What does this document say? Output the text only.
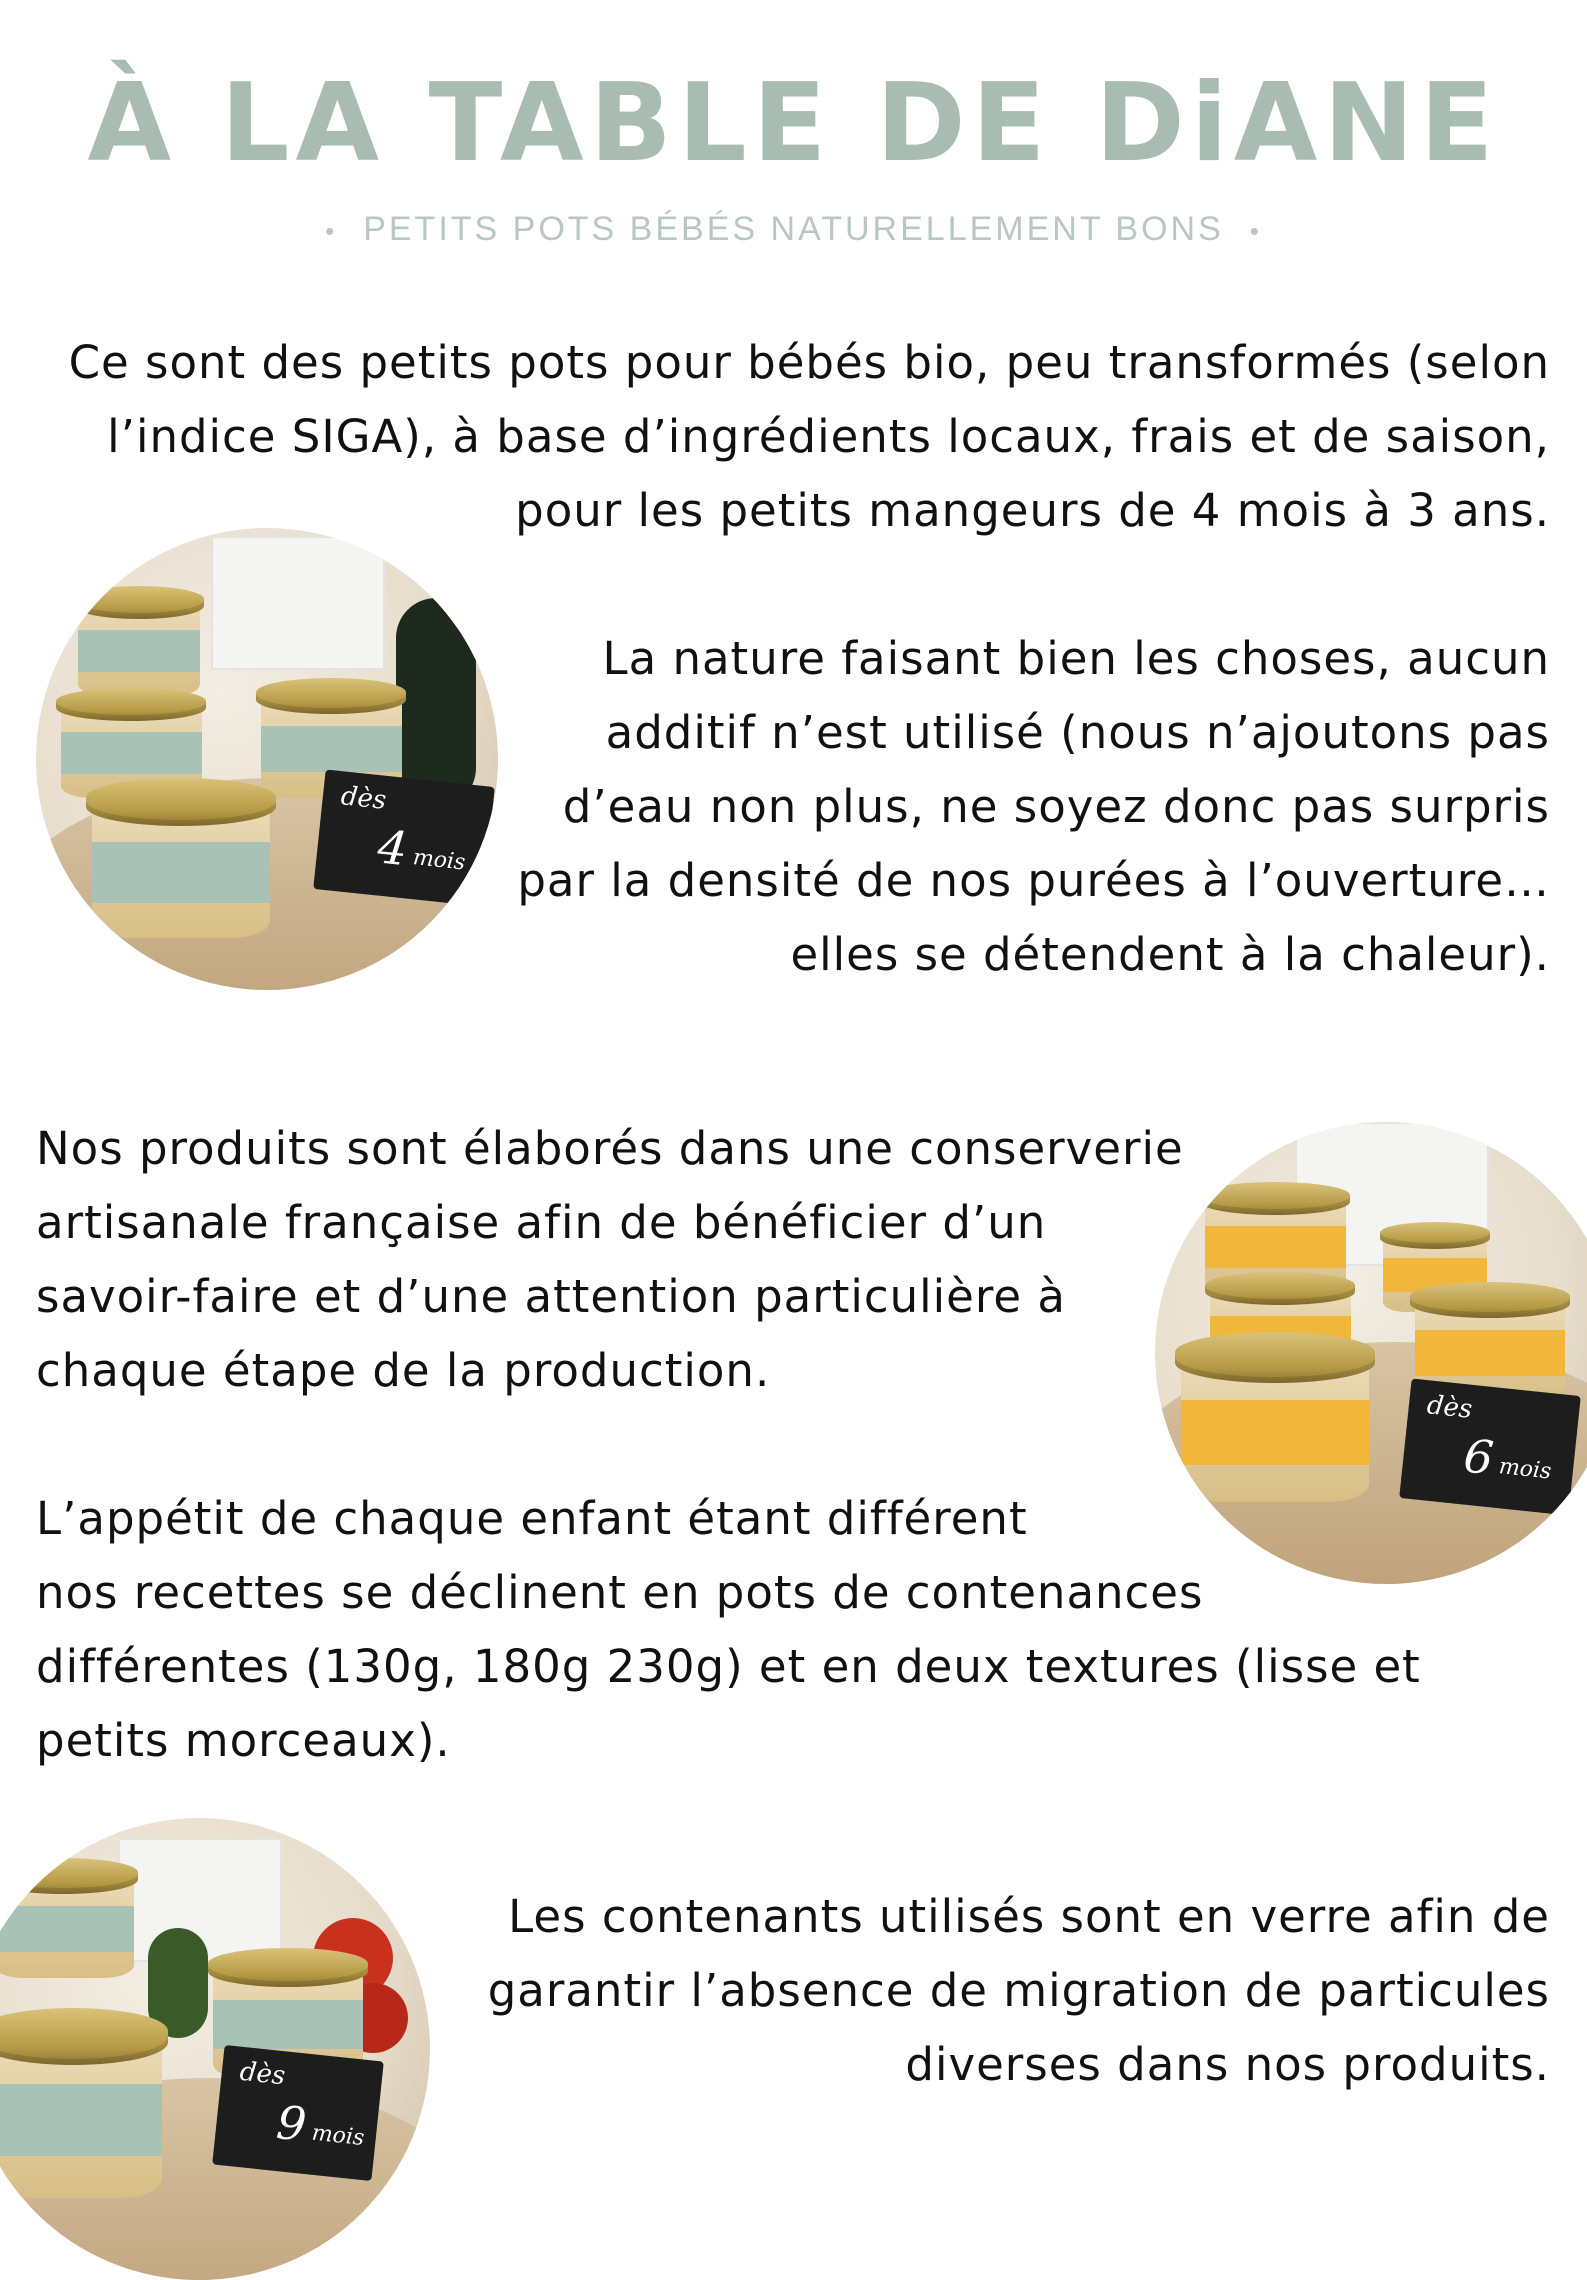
À LA TABLE DE DiANE
• PETITS POTS BÉBÉS NATURELLEMENT BONS •
Ce sont des petits pots pour bébés bio, peu transformés (selon
l’indice SIGA), à base d’ingrédients locaux, frais et de saison,
pour les petits mangeurs de 4 mois à 3 ans.
dès
4 mois
La nature faisant bien les choses, aucun
additif n’est utilisé (nous n’ajoutons pas
d’eau non plus, ne soyez donc pas surpris
par la densité de nos purées à l’ouverture…
elles se détendent à la chaleur).
Nos produits sont élaborés dans une conserverie
artisanale française afin de bénéficier d’un
savoir-faire et d’une attention particulière à
chaque étape de la production.
dès
6 mois
L’appétit de chaque enfant étant différent
nos recettes se déclinent en pots de contenances
différentes (130g, 180g 230g) et en deux textures (lisse et
petits morceaux).
dès
9 mois
Les contenants utilisés sont en verre afin de
garantir l’absence de migration de particules
diverses dans nos produits.
